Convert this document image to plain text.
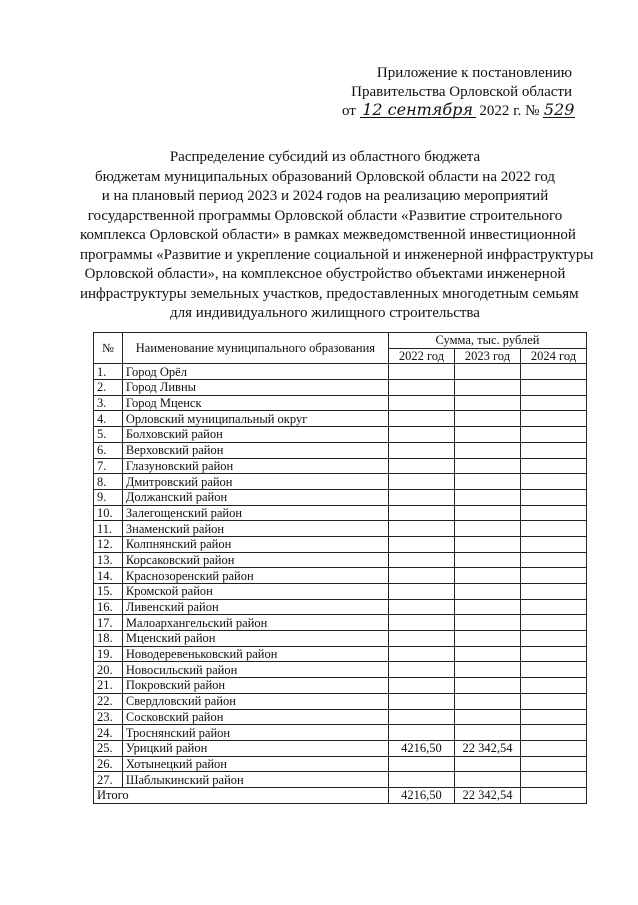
Приложение к постановлению
Правительства Орловской области
от 12 сентября 2022 г. № 529
Распределение субсидий из областного бюджета
бюджетам муниципальных образований Орловской области на 2022 год
и на плановый период 2023 и 2024 годов на реализацию мероприятий
государственной программы Орловской области «Развитие строительного
комплекса Орловской области» в рамках межведомственной инвестиционной
программы «Развитие и укрепление социальной и инженерной инфраструктуры
Орловской области», на комплексное обустройство объектами инженерной
инфраструктуры земельных участков, предоставленных многодетным семьям
для индивидуального жилищного строительства
№	Наименование муниципального образования	Сумма, тыс. рублей		
		2022 год	2023 год	2024 год
1.	Город Орёл			
2.	Город Ливны			
3.	Город Мценск			
4.	Орловский муниципальный округ			
5.	Болховский район			
6.	Верховский район			
7.	Глазуновский район			
8.	Дмитровский район			
9.	Должанский район			
10.	Залегощенский район			
11.	Знаменский район			
12.	Колпнянский район			
13.	Корсаковский район			
14.	Краснозоренский район			
15.	Кромской район			
16.	Ливенский район			
17.	Малоархангельский район			
18.	Мценский район			
19.	Новодеревеньковский район			
20.	Новосильский район			
21.	Покровский район			
22.	Свердловский район			
23.	Сосковский район			
24.	Троснянский район			
25.	Урицкий район	4216,50	22 342,54	
26.	Хотынецкий район			
27.	Шаблыкинский район			
Итого		4216,50	22 342,54	
